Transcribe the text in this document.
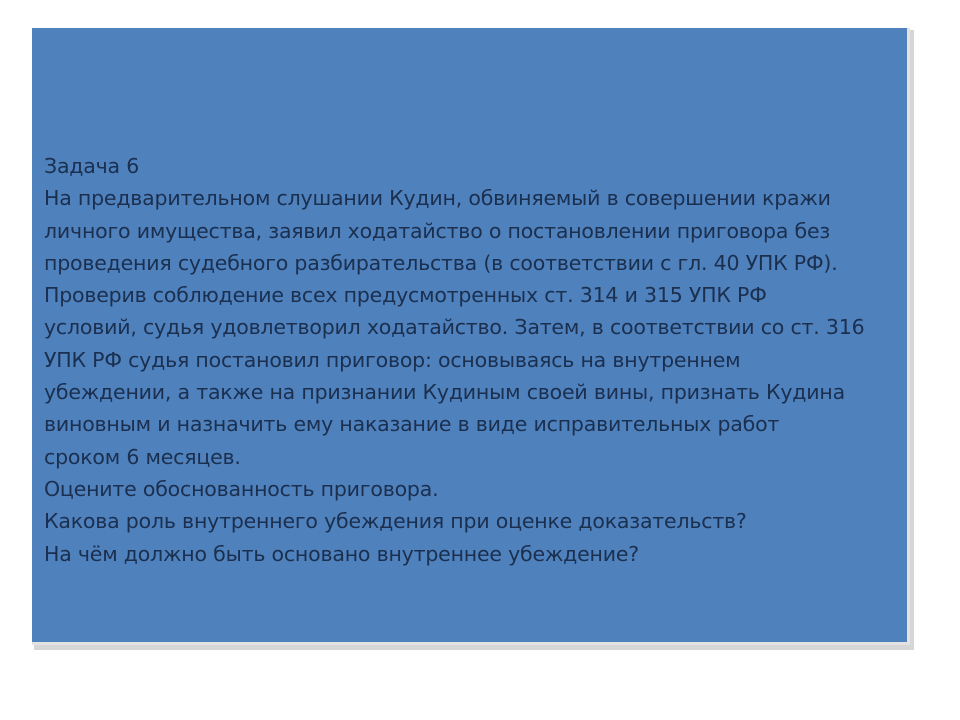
Задача 6

На предварительном слушании Кудин, обвиняемый в совершении кражи

личного имущества, заявил ходатайство о постановлении приговора без

проведения судебного разбирательства (в соответствии с гл. 40 УПК РФ).

Проверив соблюдение всех предусмотренных ст. 314 и 315 УПК РФ

условий, судья удовлетворил ходатайство. Затем, в соответствии со ст. 316

УПК РФ судья постановил приговор: основываясь на внутреннем

убеждении, а также на признании Кудиным своей вины, признать Кудина

виновным и назначить ему наказание в виде исправительных работ

сроком 6 месяцев.

Оцените обоснованность приговора.

Какова роль внутреннего убеждения при оценке доказательств?

На чём должно быть основано внутреннее убеждение?
